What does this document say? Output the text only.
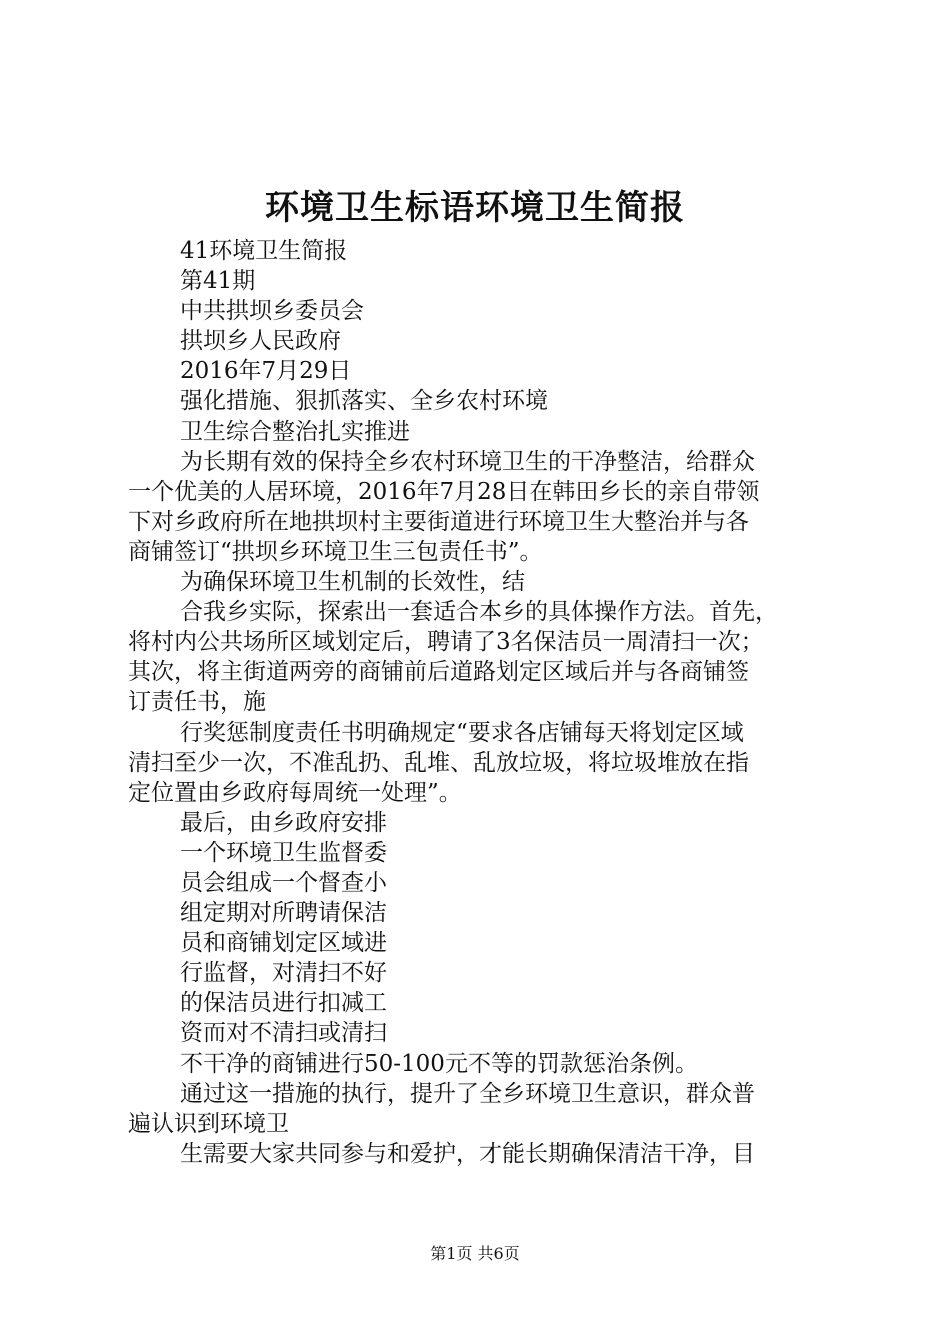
环境卫生标语环境卫生简报
41环境卫生简报
第41期
中共拱坝乡委员会
拱坝乡人民政府
2016年7月29日
强化措施、狠抓落实、全乡农村环境
卫生综合整治扎实推进
为长期有效的保持全乡农村环境卫生的干净整洁，给群众
一个优美的人居环境，2016年7月28日在韩田乡长的亲自带领
下对乡政府所在地拱坝村主要街道进行环境卫生大整治并与各
商铺签订“拱坝乡环境卫生三包责任书”。
为确保环境卫生机制的长效性，结
合我乡实际，探索出一套适合本乡的具体操作方法。首先，
将村内公共场所区域划定后，聘请了3名保洁员一周清扫一次；
其次，将主街道两旁的商铺前后道路划定区域后并与各商铺签
订责任书，施
行奖惩制度责任书明确规定“要求各店铺每天将划定区域
清扫至少一次，不准乱扔、乱堆、乱放垃圾，将垃圾堆放在指
定位置由乡政府每周统一处理”。
最后，由乡政府安排
一个环境卫生监督委
员会组成一个督查小
组定期对所聘请保洁
员和商铺划定区域进
行监督，对清扫不好
的保洁员进行扣减工
资而对不清扫或清扫
不干净的商铺进行50-100元不等的罚款惩治条例。
通过这一措施的执行，提升了全乡环境卫生意识，群众普
遍认识到环境卫
生需要大家共同参与和爱护，才能长期确保清洁干净，目
第1页 共6页
